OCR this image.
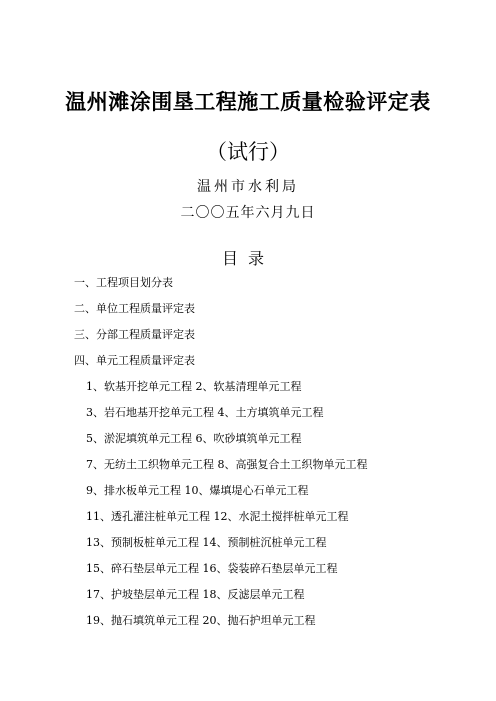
温州滩涂围垦工程施工质量检验评定表
（试行）
温州市水利局
二〇〇五年六月九日
目录
一、工程项目划分表
二、单位工程质量评定表
三、分部工程质量评定表
四、单元工程质量评定表
1、软基开挖单元工程 2、软基清理单元工程
3、岩石地基开挖单元工程 4、土方填筑单元工程
5、淤泥填筑单元工程 6、吹砂填筑单元工程
7、无纺土工织物单元工程 8、高强复合土工织物单元工程
9、排水板单元工程 10、爆填堤心石单元工程
11、透孔灌注桩单元工程 12、水泥土搅拌桩单元工程
13、预制板桩单元工程 14、预制桩沉桩单元工程
15、碎石垫层单元工程 16、袋装碎石垫层单元工程
17、护坡垫层单元工程 18、反滤层单元工程
19、抛石填筑单元工程 20、抛石护坦单元工程
